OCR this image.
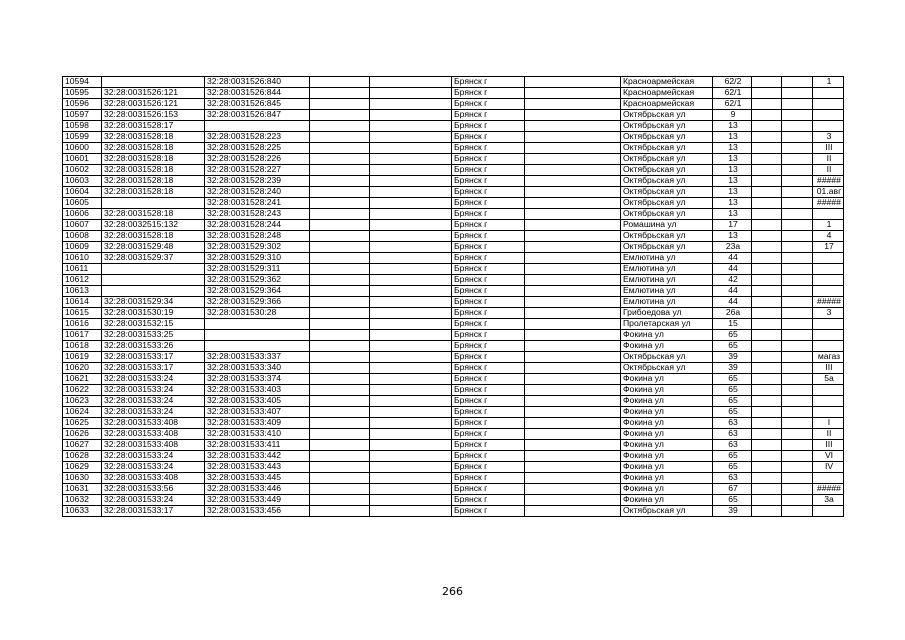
10594		32:28:0031526:840			Брянск г		Красноармейская	62/2			1
10595	32:28:0031526:121	32:28:0031526:844			Брянск г		Красноармейская	62/1			
10596	32:28:0031526:121	32:28:0031526:845			Брянск г		Красноармейская	62/1			
10597	32:28:0031526:153	32:28:0031526:847			Брянск г		Октябрьская ул	9			
10598	32:28:0031528:17				Брянск г		Октябрьская ул	13			
10599	32:28:0031528:18	32:28:0031528:223			Брянск г		Октябрьская ул	13			3
10600	32:28:0031528:18	32:28:0031528:225			Брянск г		Октябрьская ул	13			III
10601	32:28:0031528:18	32:28:0031528:226			Брянск г		Октябрьская ул	13			II
10602	32:28:0031528:18	32:28:0031528:227			Брянск г		Октябрьская ул	13			II
10603	32:28:0031528:18	32:28:0031528:239			Брянск г		Октябрьская ул	13			#####
10604	32:28:0031528:18	32:28:0031528:240			Брянск г		Октябрьская ул	13			01.авг
10605		32:28:0031528:241			Брянск г		Октябрьская ул	13			#####
10606	32:28:0031528:18	32:28:0031528:243			Брянск г		Октябрьская ул	13			
10607	32:28:0032515:132	32:28:0031528:244			Брянск г		Ромашина ул	17			1
10608	32:28:0031528:18	32:28:0031528:248			Брянск г		Октябрьская ул	13			4
10609	32:28:0031529:48	32:28:0031529:302			Брянск г		Октябрьская ул	23а			17
10610	32:28:0031529:37	32:28:0031529:310			Брянск г		Емлютина ул	44			
10611		32:28:0031529:311			Брянск г		Емлютина ул	44			
10612		32:28:0031529:362			Брянск г		Емлютина ул	42			
10613		32:28:0031529:364			Брянск г		Емлютина ул	44			
10614	32:28:0031529:34	32:28:0031529:366			Брянск г		Емлютина ул	44			#####
10615	32:28:0031530:19	32:28:0031530:28			Брянск г		Грибоедова ул	26а			3
10616	32:28:0031532:15				Брянск г		Пролетарская ул	15			
10617	32:28:0031533:25				Брянск г		Фокина ул	65			
10618	32:28:0031533:26				Брянск г		Фокина ул	65			
10619	32:28:0031533:17	32:28:0031533:337			Брянск г		Октябрьская ул	39			магаз
10620	32:28:0031533:17	32:28:0031533:340			Брянск г		Октябрьская ул	39			III
10621	32:28:0031533:24	32:28:0031533:374			Брянск г		Фокина ул	65			5а
10622	32:28:0031533:24	32:28:0031533:403			Брянск г		Фокина ул	65			
10623	32:28:0031533:24	32:28:0031533:405			Брянск г		Фокина ул	65			
10624	32:28:0031533:24	32:28:0031533:407			Брянск г		Фокина ул	65			
10625	32:28:0031533:408	32:28:0031533:409			Брянск г		Фокина ул	63			I
10626	32:28:0031533:408	32:28:0031533:410			Брянск г		Фокина ул	63			II
10627	32:28:0031533:408	32:28:0031533:411			Брянск г		Фокина ул	63			III
10628	32:28:0031533:24	32:28:0031533:442			Брянск г		Фокина ул	65			VI
10629	32:28:0031533:24	32:28:0031533:443			Брянск г		Фокина ул	65			IV
10630	32:28:0031533:408	32:28:0031533:445			Брянск г		Фокина ул	63			
10631	32:28:0031533:56	32:28:0031533:446			Брянск г		Фокина ул	67			#####
10632	32:28:0031533:24	32:28:0031533:449			Брянск г		Фокина ул	65			3а
10633	32:28:0031533:17	32:28:0031533:456			Брянск г		Октябрьская ул	39			
266
